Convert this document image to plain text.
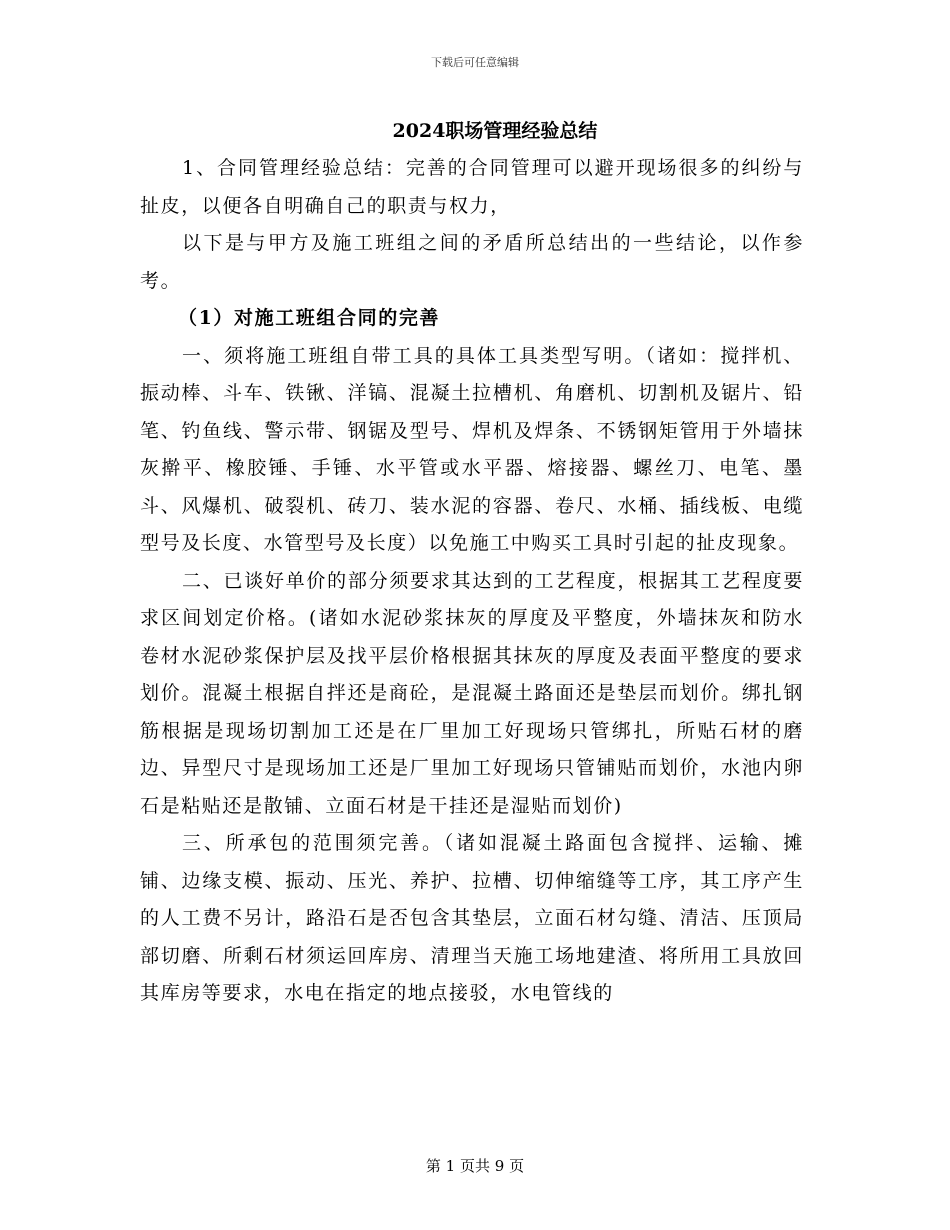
下载后可任意编辑
2024职场管理经验总结

1、合同管理经验总结：完善的合同管理可以避开现场很多的纠纷与扯皮，以便各自明确自己的职责与权力，

以下是与甲方及施工班组之间的矛盾所总结出的一些结论，以作参考。

（1）对施工班组合同的完善

一、须将施工班组自带工具的具体工具类型写明。（诸如：搅拌机、振动棒、斗车、铁锹、洋镐、混凝土拉槽机、角磨机、切割机及锯片、铅笔、钓鱼线、警示带、钢锯及型号、焊机及焊条、不锈钢矩管用于外墙抹灰擀平、橡胶锤、手锤、水平管或水平器、熔接器、螺丝刀、电笔、墨斗、风爆机、破裂机、砖刀、装水泥的容器、卷尺、水桶、插线板、电缆型号及长度、水管型号及长度）以免施工中购买工具时引起的扯皮现象。

二、已谈好单价的部分须要求其达到的工艺程度，根据其工艺程度要求区间划定价格。(诸如水泥砂浆抹灰的厚度及平整度，外墙抹灰和防水卷材水泥砂浆保护层及找平层价格根据其抹灰的厚度及表面平整度的要求划价。混凝土根据自拌还是商砼，是混凝土路面还是垫层而划价。绑扎钢筋根据是现场切割加工还是在厂里加工好现场只管绑扎，所贴石材的磨边、异型尺寸是现场加工还是厂里加工好现场只管铺贴而划价，水池内卵石是粘贴还是散铺、立面石材是干挂还是湿贴而划价)

三、所承包的范围须完善。（诸如混凝土路面包含搅拌、运输、摊铺、边缘支模、振动、压光、养护、拉槽、切伸缩缝等工序，其工序产生的人工费不另计，路沿石是否包含其垫层，立面石材勾缝、清洁、压顶局部切磨、所剩石材须运回库房、清理当天施工场地建渣、将所用工具放回其库房等要求，水电在指定的地点接驳，水电管线的

第 1 页共 9 页
